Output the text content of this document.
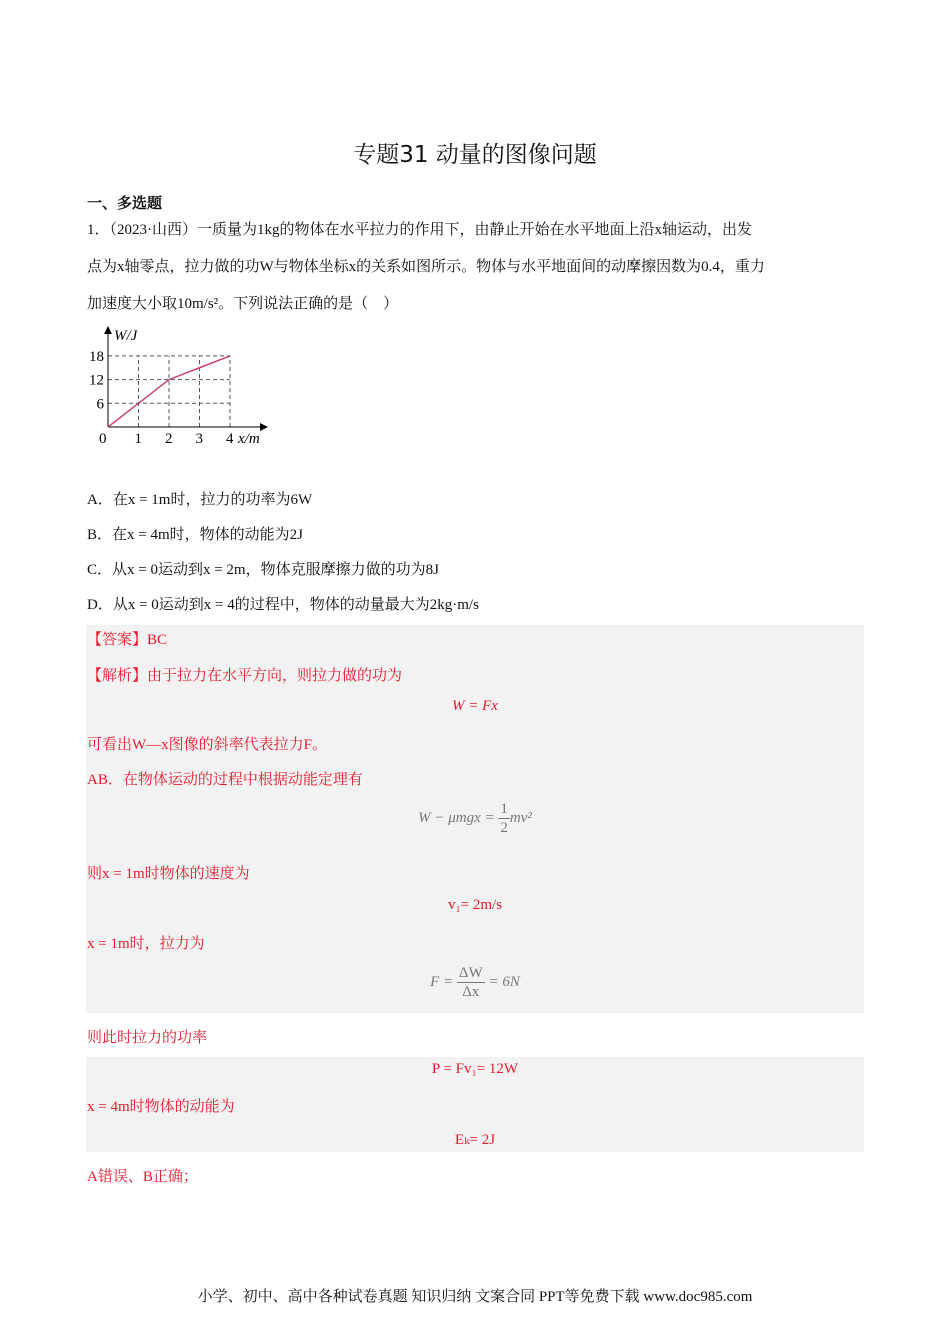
专题31 动量的图像问题
一、多选题
1．（2023·山西）一质量为1kg的物体在水平拉力的作用下，由静止开始在水平地面上沿x轴运动，出发
点为x轴零点，拉力做的功W与物体坐标x的关系如图所示。物体与水平地面间的动摩擦因数为0.4，重力
加速度大小取10m/s²。下列说法正确的是（　）
W/J
x/m
0 1 2 3 4
6
12
18
A．在x = 1m时，拉力的功率为6W
B．在x = 4m时，物体的动能为2J
C．从x = 0运动到x = 2m，物体克服摩擦力做的功为8J
D．从x = 0运动到x = 4的过程中，物体的动量最大为2kg·m/s
【答案】BC
【解析】由于拉力在水平方向，则拉力做的功为
W = Fx
可看出W—x图像的斜率代表拉力F。
AB．在物体运动的过程中根据动能定理有
$W - \mu mgx = \frac{1}{2} mv^2$
则x = 1m时物体的速度为
v₁= 2m/s
x = 1m时，拉力为
$F = \frac{\Delta W}{\Delta x} = 6N$
则此时拉力的功率
P = Fv₁= 12W
x = 4m时物体的动能为
Eₖ= 2J
A错误、B正确；
小学、初中、高中各种试卷真题 知识归纳 文案合同 PPT等免费下载 www.doc985.com
